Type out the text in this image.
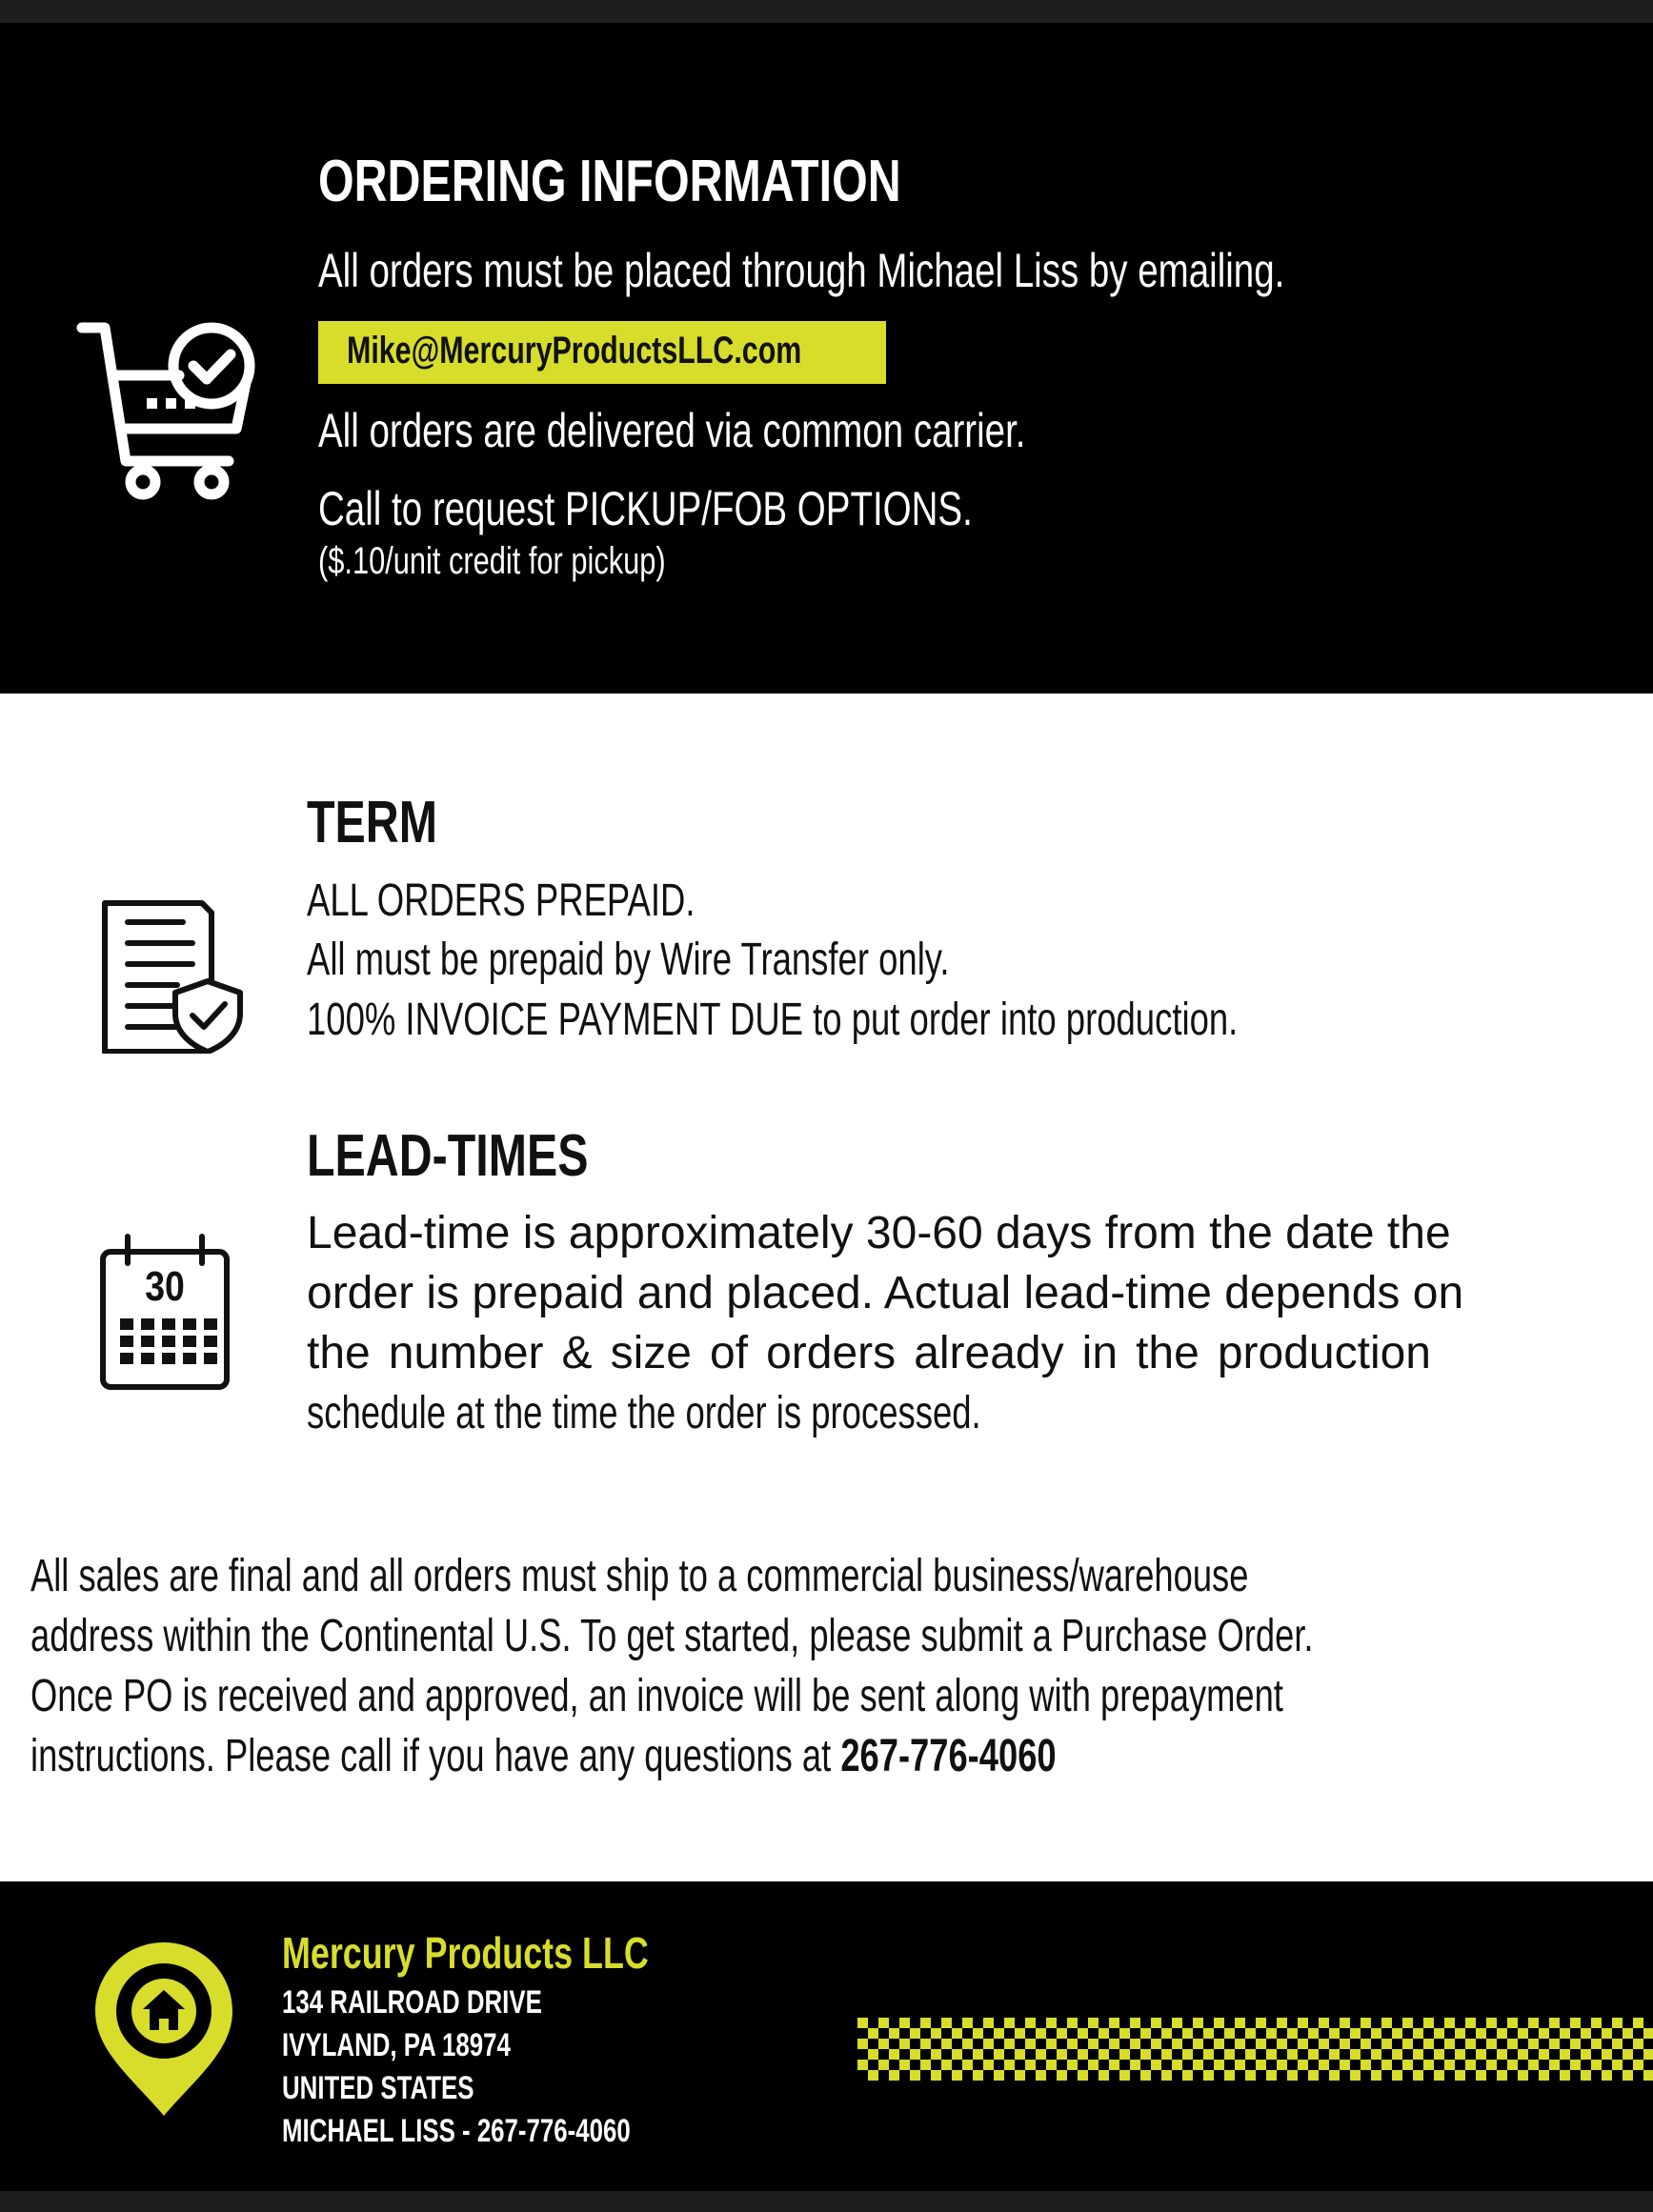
ORDERING INFORMATION
All orders must be placed through Michael Liss by emailing.
Mike@MercuryProductsLLC.com
All orders are delivered via common carrier.
Call to request PICKUP/FOB OPTIONS.
($.10/unit credit for pickup)
TERM
ALL ORDERS PREPAID.
All must be prepaid by Wire Transfer only.
100% INVOICE PAYMENT DUE to put order into production.
30
LEAD-TIMES
Lead-time is approximately 30-60 days from the date the
order is prepaid and placed. Actual lead-time depends on
the number & size of orders already in the production
schedule at the time the order is processed.
All sales are final and all orders must ship to a commercial business/warehouse
address within the Continental U.S. To get started, please submit a Purchase Order.
Once PO is received and approved, an invoice will be sent along with prepayment
instructions. Please call if you have any questions at 267-776-4060
Mercury Products LLC
134 RAILROAD DRIVE
IVYLAND, PA 18974
UNITED STATES
MICHAEL LISS - 267-776-4060
